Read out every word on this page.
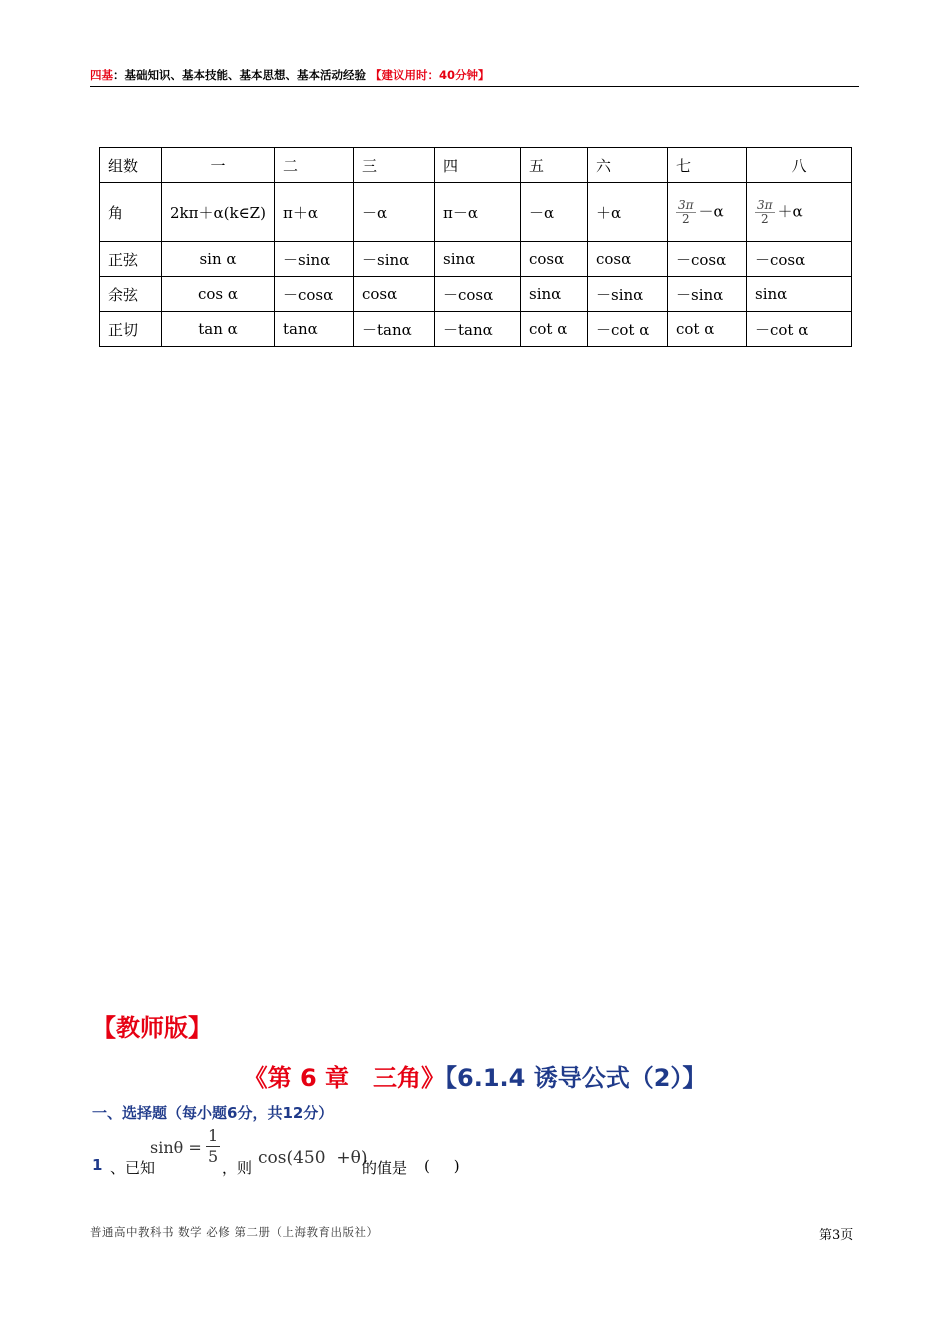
四基：基础知识、基本技能、基本思想、基本活动经验 【建议用时：40分钟】
组数	一	二	三	四	五	六	七	八
角	2kπ＋α(k∈Z)	π＋α	－α	π－α	－α	＋α	$\frac{3\pi}{2} -\alpha$	$\frac{3\pi}{2} +\alpha$
正弦	sin α	－sinα	－sinα	sinα	cosα	cosα	－cosα	－cosα
余弦	cos α	－cosα	cosα	－cosα	sinα	－sinα	－sinα	sinα
正切	tan α	tanα	－tanα	－tanα	cot α	－cot α	cot α	－cot α
【教师版】
《第 6 章　三角》【6.1.4 诱导公式（2）】
一、选择题（每小题6分，共12分）
1 、已知
$\sin\theta = \frac{1}{5}$
，则 cos(450  +θ)
的值是 (     )
普通高中教科书 数学 必修 第二册（上海教育出版社）	第3页
